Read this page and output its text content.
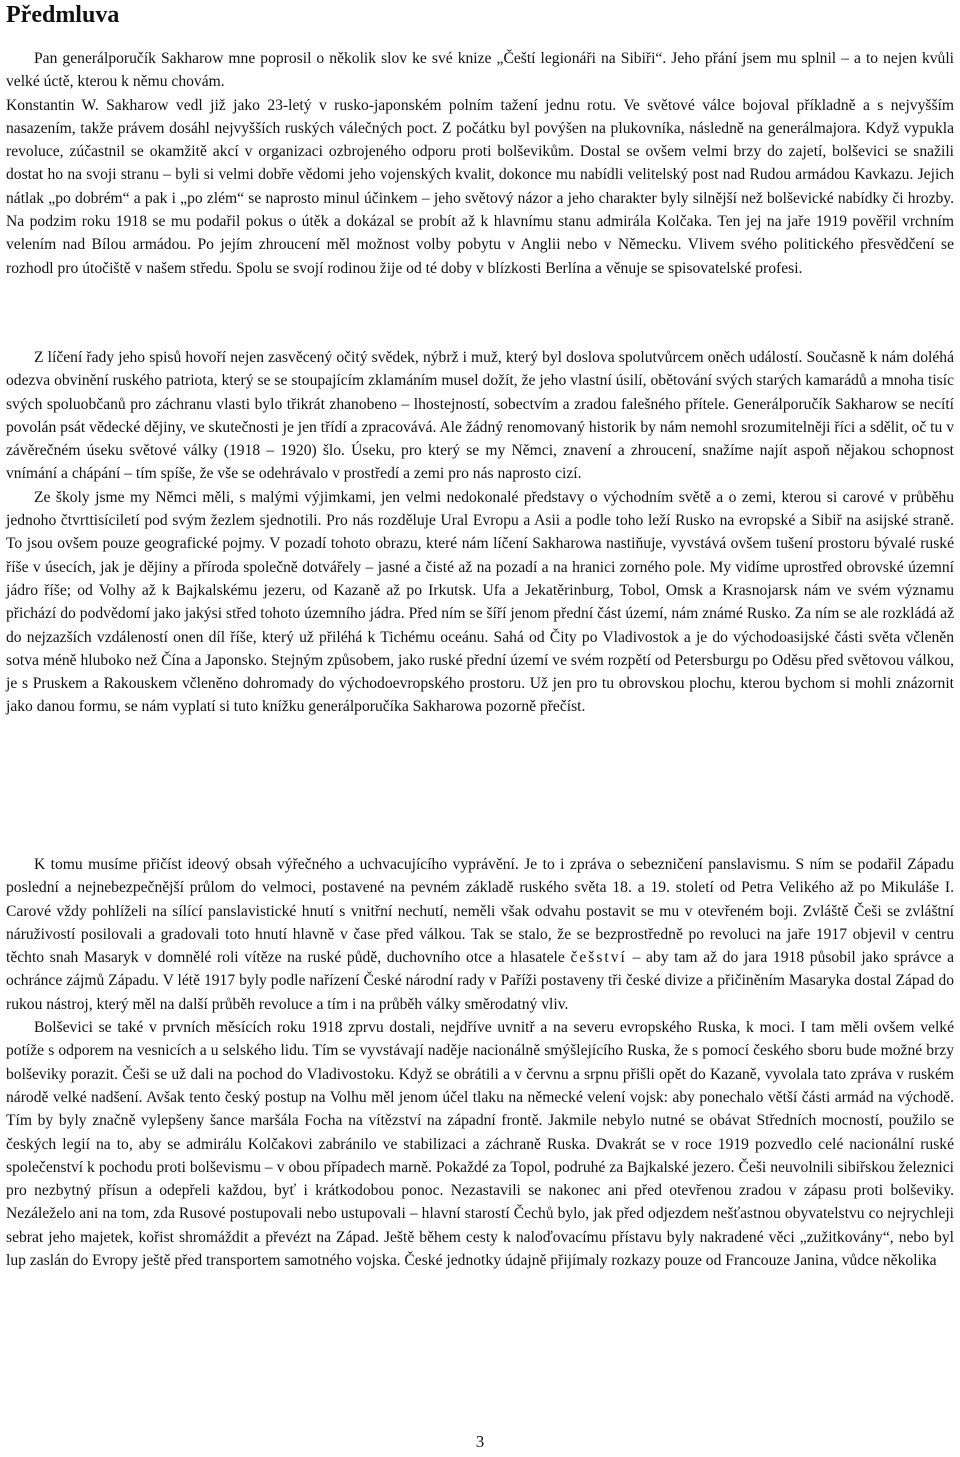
Předmluva

Pan generálporučík Sakharow mne poprosil o několik slov ke své knize „Čeští legionáři na Sibiři“. Jeho přání jsem mu splnil – a to nejen kvůli velké úctě, kterou k němu chovám.

Konstantin W. Sakharow vedl již jako 23-letý v rusko-japonském polním tažení jednu rotu. Ve světové válce bojoval příkladně a s nejvyšším nasazením, takže právem dosáhl nejvyšších ruských válečných poct. Z počátku byl povýšen na plukovníka, následně na generálmajora. Když vypukla revoluce, zúčastnil se okamžitě akcí v organizaci ozbrojeného odporu proti bolševikům. Dostal se ovšem velmi brzy do zajetí, bolševici se snažili dostat ho na svoji stranu – byli si velmi dobře vědomi jeho vojenských kvalit, dokonce mu nabídli velitelský post nad Rudou armádou Kavkazu. Jejich nátlak „po dobrém“ a pak i „po zlém“ se naprosto minul účinkem – jeho světový názor a jeho charakter byly silnější než bolševické nabídky či hrozby. Na podzim roku 1918 se mu podařil pokus o útěk a dokázal se probít až k hlavnímu stanu admirála Kolčaka. Ten jej na jaře 1919 pověřil vrchním velením nad Bílou armádou. Po jejím zhroucení měl možnost volby pobytu v Anglii nebo v Německu. Vlivem svého politického přesvědčení se rozhodl pro útočiště v našem středu. Spolu se svojí rodinou žije od té doby v blízkosti Berlína a věnuje se spisovatelské profesi.

Z líčení řady jeho spisů hovoří nejen zasvěcený očitý svědek, nýbrž i muž, který byl doslova spolutvůrcem oněch událostí. Současně k nám doléhá odezva obvinění ruského patriota, který se se stoupajícím zklamáním musel dožít, že jeho vlastní úsilí, obětování svých starých kamarádů a mnoha tisíc svých spoluobčanů pro záchranu vlasti bylo třikrát zhanobeno – lhostejností, sobectvím a zradou falešného přítele. Generálporučík Sakharow se necítí povolán psát vědecké dějiny, ve skutečnosti je jen třídí a zpracovává. Ale žádný renomovaný historik by nám nemohl srozumitelněji říci a sdělit, oč tu v závěrečném úseku světové války (1918 – 1920) šlo. Úseku, pro který se my Němci, znavení a zhroucení, snažíme najít aspoň nějakou schopnost vnímání a chápání – tím spíše, že vše se odehrávalo v prostředí a zemi pro nás naprosto cizí.

Ze školy jsme my Němci měli, s malými výjimkami, jen velmi nedokonalé představy o východním světě a o zemi, kterou si carové v průběhu jednoho čtvrttisíciletí pod svým žezlem sjednotili. Pro nás rozděluje Ural Evropu a Asii a podle toho leží Rusko na evropské a Sibiř na asijské straně. To jsou ovšem pouze geografické pojmy. V pozadí tohoto obrazu, které nám líčení Sakharowa nastiňuje, vyvstává ovšem tušení prostoru bývalé ruské říše v úsecích, jak je dějiny a příroda společně dotvářely – jasné a čisté až na pozadí a na hranici zorného pole. My vidíme uprostřed obrovské územní jádro říše; od Volhy až k Bajkalskému jezeru, od Kazaně až po Irkutsk. Ufa a Jekatěrinburg, Tobol, Omsk a Krasnojarsk nám ve svém významu přichází do podvědomí jako jakýsi střed tohoto územního jádra. Před ním se šíří jenom přední část území, nám známé Rusko. Za ním se ale rozkládá až do nejzazších vzdáleností onen díl říše, který už přiléhá k Tichému oceánu. Sahá od Čity po Vladivostok a je do východoasijské části světa včleněn sotva méně hluboko než Čína a Japonsko. Stejným způsobem, jako ruské přední území ve svém rozpětí od Petersburgu po Oděsu před světovou válkou, je s Pruskem a Rakouskem včleněno dohromady do východoevropského prostoru. Už jen pro tu obrovskou plochu, kterou bychom si mohli znázornit jako danou formu, se nám vyplatí si tuto knížku generálporučíka Sakharowa pozorně přečíst.

K tomu musíme přičíst ideový obsah výřečného a uchvacujícího vyprávění. Je to i zpráva o sebezničení panslavismu. S ním se podařil Západu poslední a nejnebezpečnější průlom do velmoci, postavené na pevném základě ruského světa 18. a 19. století od Petra Velikého až po Mikuláše I. Carové vždy pohlíželi na sílící panslavistické hnutí s vnitřní nechutí, neměli však odvahu postavit se mu v otevřeném boji. Zvláště Češi se zvláštní náruživostí posilovali a gradovali toto hnutí hlavně v čase před válkou. Tak se stalo, že se bezprostředně po revoluci na jaře 1917 objevil v centru těchto snah Masaryk v domnělé roli vítěze na ruské půdě, duchovního otce a hlasatele češství – aby tam až do jara 1918 působil jako správce a ochránce zájmů Západu. V létě 1917 byly podle nařízení České národní rady v Paříži postaveny tři české divize a přičiněním Masaryka dostal Západ do rukou nástroj, který měl na další průběh revoluce a tím i na průběh války směrodatný vliv.

Bolševici se také v prvních měsících roku 1918 zprvu dostali, nejdříve uvnitř a na severu evropského Ruska, k moci. I tam měli ovšem velké potíže s odporem na vesnicích a u selského lidu. Tím se vyvstávají naděje nacionálně smýšlejícího Ruska, že s pomocí českého sboru bude možné brzy bolševiky porazit. Češi se už dali na pochod do Vladivostoku. Když se obrátili a v červnu a srpnu přišli opět do Kazaně, vyvolala tato zpráva v ruském národě velké nadšení. Avšak tento český postup na Volhu měl jenom účel tlaku na německé velení vojsk: aby ponechalo větší části armád na východě. Tím by byly značně vylepšeny šance maršála Focha na vítězství na západní frontě. Jakmile nebylo nutné se obávat Středních mocností, použilo se českých legií na to, aby se admirálu Kolčakovi zabránilo ve stabilizaci a záchraně Ruska. Dvakrát se v roce 1919 pozvedlo celé nacionální ruské společenství k pochodu proti bolševismu – v obou případech marně. Pokaždé za Topol, podruhé za Bajkalské jezero. Češi neuvolnili sibiřskou železnici pro nezbytný přísun a odepřeli každou, byť i krátkodobou ponoc. Nezastavili se nakonec ani před otevřenou zradou v zápasu proti bolševiky. Nezáleželo ani na tom, zda Rusové postupovali nebo ustupovali – hlavní starostí Čechů bylo, jak před odjezdem nešťastnou obyvatelstvu co nejrychleji sebrat jeho majetek, kořist shromáždit a převézt na Západ. Ještě během cesty k naloďovacímu přístavu byly nakradené věci „zužitkovány“, nebo byl lup zaslán do Evropy ještě před transportem samotného vojska. České jednotky údajně přijímaly rozkazy pouze od Francouze Janina, vůdce několika

3
